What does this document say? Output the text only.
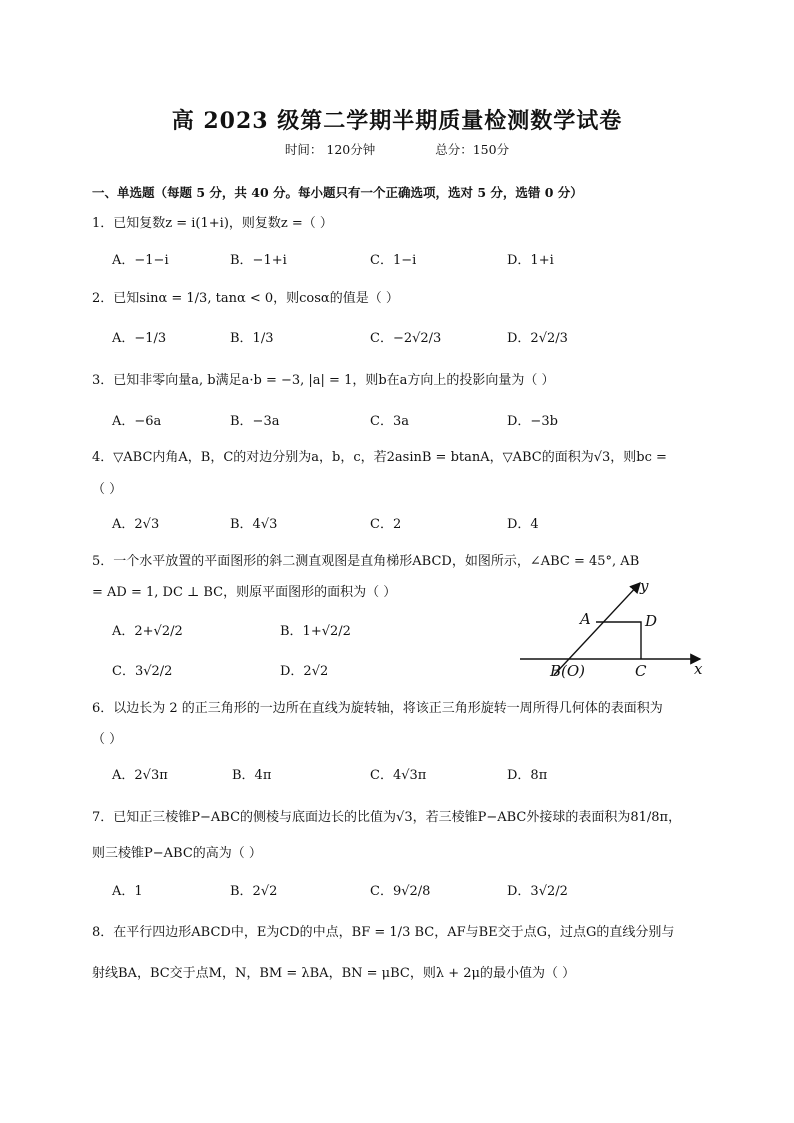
高 2023 级第二学期半期质量检测数学试卷
时间： 120分钟	总分：150分
一、单选题（每题 5 分，共 40 分。每小题只有一个正确选项，选对 5 分，选错 0 分）
1．已知复数z = i(1+i)，则复数z =（ ）
A．−1−i	B．−1+i	C．1−i	D．1+i
2．已知sinα = 1/3, tanα < 0，则cosα的值是（ ）
A．−1/3	B．1/3	C．−2√2/3	D．2√2/3
3．已知非零向量a, b满足a·b = −3, |a| = 1，则b在a方向上的投影向量为（ ）
A．−6a	B．−3a	C．3a	D．−3b
4．▽ABC内角A，B，C的对边分别为a，b，c，若2asinB = btanA，▽ABC的面积为√3，则bc =
（ ）
A．2√3	B．4√3	C．2	D．4
5．一个水平放置的平面图形的斜二测直观图是直角梯形ABCD，如图所示，∠ABC = 45°, AB
= AD = 1, DC ⊥ BC，则原平面图形的面积为（ ）
A．2+√2/2	B．1+√2/2
C．3√2/2	D．2√2
y
x
A	D
B(O)	C
6．以边长为 2 的正三角形的一边所在直线为旋转轴，将该正三角形旋转一周所得几何体的表面积为
（ ）
A．2√3π	B．4π	C．4√3π	D．8π
7．已知正三棱锥P−ABC的侧棱与底面边长的比值为√3，若三棱锥P−ABC外接球的表面积为81/8π，
则三棱锥P−ABC的高为（ ）
A．1	B．2√2	C．9√2/8	D．3√2/2
8．在平行四边形ABCD中，E为CD的中点，BF = 1/3 BC，AF与BE交于点G，过点G的直线分别与
射线BA，BC交于点M，N，BM = λBA，BN = μBC，则λ + 2μ的最小值为（ ）
